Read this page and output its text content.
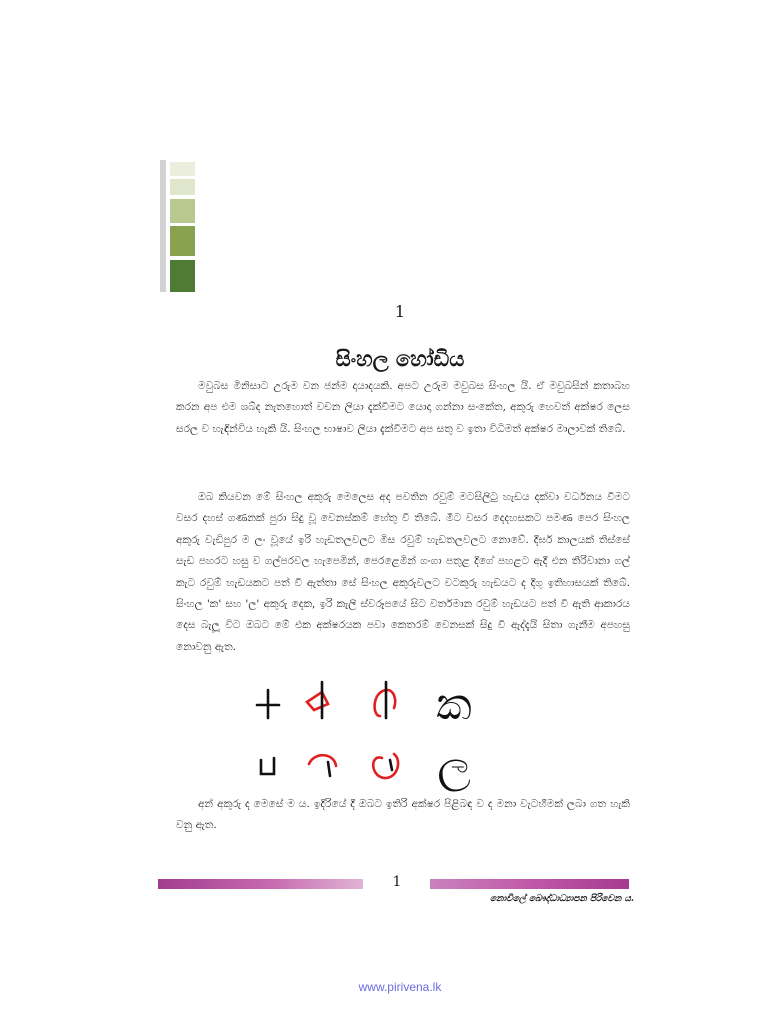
1
සිංහල හෝඩිය

මවුබස මිනිසාට උරුම වන ජන්ම දායාදයකි. අපට උරුම මවුබස සිංහල යි. ඒ මවුබසින් කතාබහ කරන අප එම ශබ්ද නැතහොත් වචන ලියා දැක්වීමට යොදා ගන්නා සංකේත, අකුරු හෙවත් අක්ෂර ලෙස සරල ව හැඳින්විය හැකි යි. සිංහල භාෂාව ලියා දැක්වීමට අප සතු ව ඉතා විධිමත් අක්ෂර මාලාවක් තිබේ.

ඔබ කියවන මේ සිංහල අකුරු මෙලෙස අද පවතින රවුම් මටසිලිටු හැඩය දක්වා වර්ධනය වීමට වසර දහස් ගණනක් පුරා සිදු වූ වෙනස්කම් හේතු වී තිබේ. මීට වසර දෙදහසකට පමණ පෙර සිංහල අකුරු වැඩිපුර ම ලං වූයේ ඉරි හැඩතලවලට මිස රවුම් හැඩතලවලට නොවේ. දීර්ඝ කාලයක් තිස්සේ සැඩ පහරට හසු ව ගල්පරවල හැපෙමින්, පෙරළෙමින් ගංගා පතුළ දිගේ පහළට ඇදී එන තිරිවානා ගල් කැට රවුම් හැඩයකට පත් වී ඇත්තා සේ සිංහල අකුරුවලට වටකුරු හැඩයට ද දිගු ඉතිහාසයක් තිබේ. සිංහල 'ක' සහ 'ල' අකුරු දෙක, ඉරි කැලි ස්වරූපයේ සිට වර්තමාන රවුම් හැඩයට පත් වී ඇති ආකාරය දෙස බැලූ විට ඔබට මේ එක අක්ෂරයක පවා කෙතරම් වෙනසක් සිදු වී ඇද්දැයි සිතා ගැනීම අපහසු නොවනු ඇත.

ක
ල

අන් අකුරු ද මෙසේ ම ය. ඉදිරියේ දී ඔබට ඉතිරි අක්ෂර පිළිබඳ ව ද මනා වැටහීමක් ලබා ගත හැකි වනු ඇත.

1
නොවිලේ බෞද්ධාධ්‍යාපන පිරිවෙන ය.
www.pirivena.lk
